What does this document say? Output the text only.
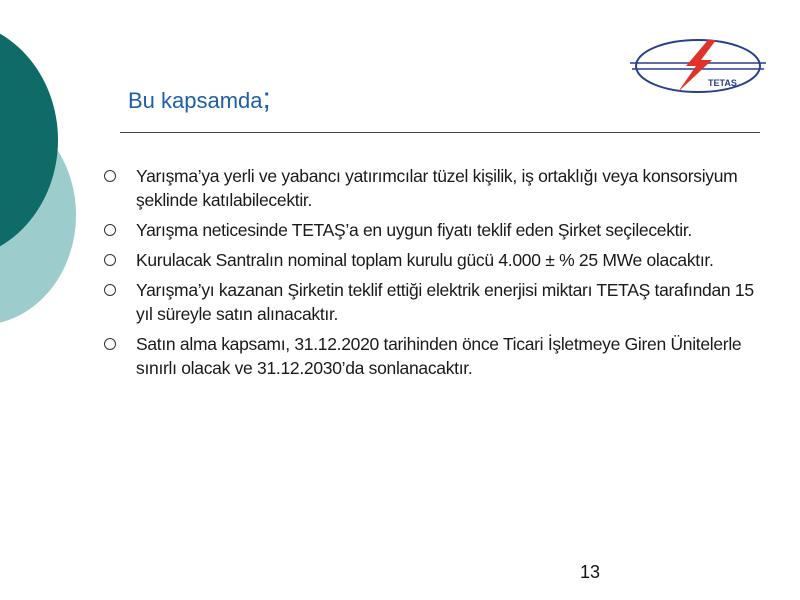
TETAŞ
Bu kapsamda;
Yarışma’ya yerli ve yabancı yatırımcılar tüzel kişilik, iş ortaklığı veya konsorsiyum şeklinde katılabilecektir.
Yarışma neticesinde TETAŞ’a en uygun fiyatı teklif eden Şirket seçilecektir.
Kurulacak Santralın nominal toplam kurulu gücü 4.000 ± % 25 MWe olacaktır.
Yarışma’yı kazanan Şirketin teklif ettiği elektrik enerjisi miktarı TETAŞ tarafından 15 yıl süreyle satın alınacaktır.
Satın alma kapsamı, 31.12.2020 tarihinden önce Ticari İşletmeye Giren Ünitelerle sınırlı olacak ve 31.12.2030’da sonlanacaktır.
13
